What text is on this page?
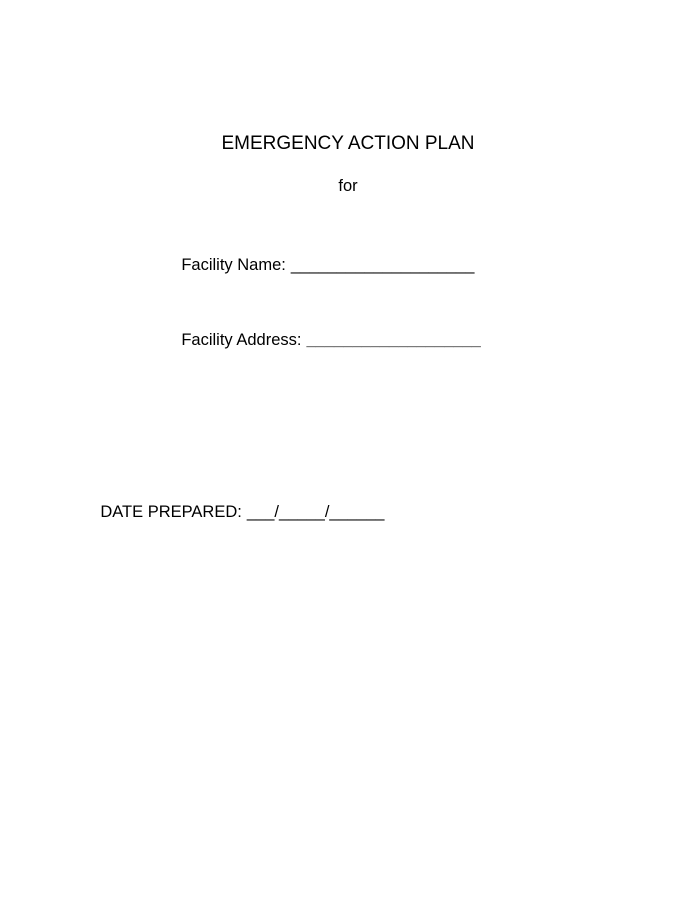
EMERGENCY ACTION PLAN
for

Facility Name: ____________________

Facility Address: ___________________

DATE PREPARED: ___/_____/______
